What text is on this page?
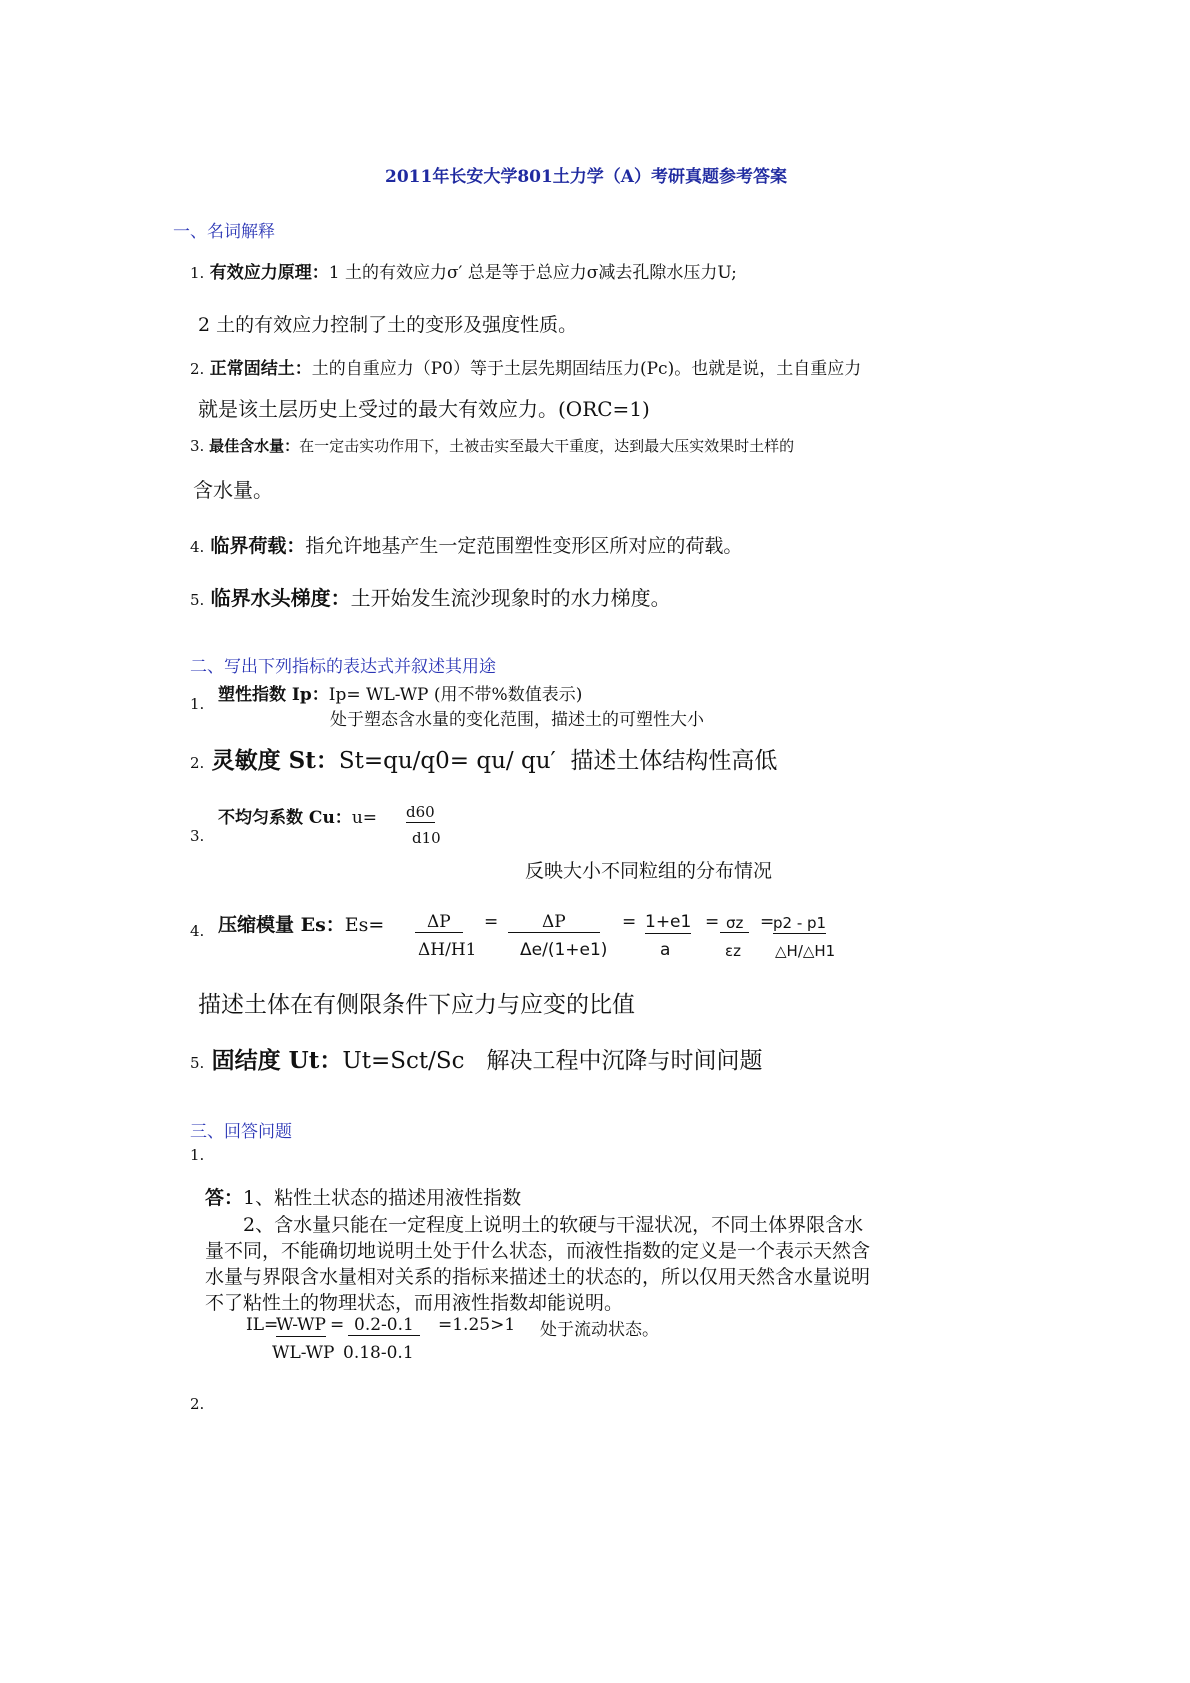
2011年长安大学801土力学（A）考研真题参考答案
一、名词解释
1. 有效应力原理：1 土的有效应力σ′ 总是等于总应力σ减去孔隙水压力U;
2 土的有效应力控制了土的变形及强度性质。
2. 正常固结土：土的自重应力（P0）等于土层先期固结压力(Pc)。也就是说，土自重应力
就是该土层历史上受过的最大有效应力。(ORC=1)
3. 最佳含水量：在一定击实功作用下，土被击实至最大干重度，达到最大压实效果时土样的
含水量。
4. 临界荷载：指允许地基产生一定范围塑性变形区所对应的荷载。
5. 临界水头梯度：土开始发生流沙现象时的水力梯度。
二、写出下列指标的表达式并叙述其用途
1. 塑性指数 Ip：Ip= WL-WP (用不带%数值表示)
处于塑态含水量的变化范围，描述土的可塑性大小
2. 灵敏度 St：St=qu/q0= qu/ qu′ 描述土体结构性高低
不均匀系数 Cu：u= d60
d10
3.
反映大小不同粒组的分布情况
4. 压缩模量 Es：Es=	ΔP
ΔH/H1
=	ΔP
Δe/(1+e1)
= 1+e1
a
= σz
εz
=
p2 - p1
△H/△H1
描述土体在有侧限条件下应力与应变的比值
5. 固结度 Ut：Ut=Sct/Sc 解决工程中沉降与时间问题
三、回答问题
1.
答：1、粘性土状态的描述用液性指数
2、含水量只能在一定程度上说明土的软硬与干湿状况，不同土体界限含水
量不同，不能确切地说明土处于什么状态，而液性指数的定义是一个表示天然含
水量与界限含水量相对关系的指标来描述土的状态的，所以仅用天然含水量说明
不了粘性土的物理状态，而用液性指数却能说明。
IL=
W-WP = 0.2-0.1	=1.25>1 处于流动状态。
WL-WP 0.18-0.1
2.
